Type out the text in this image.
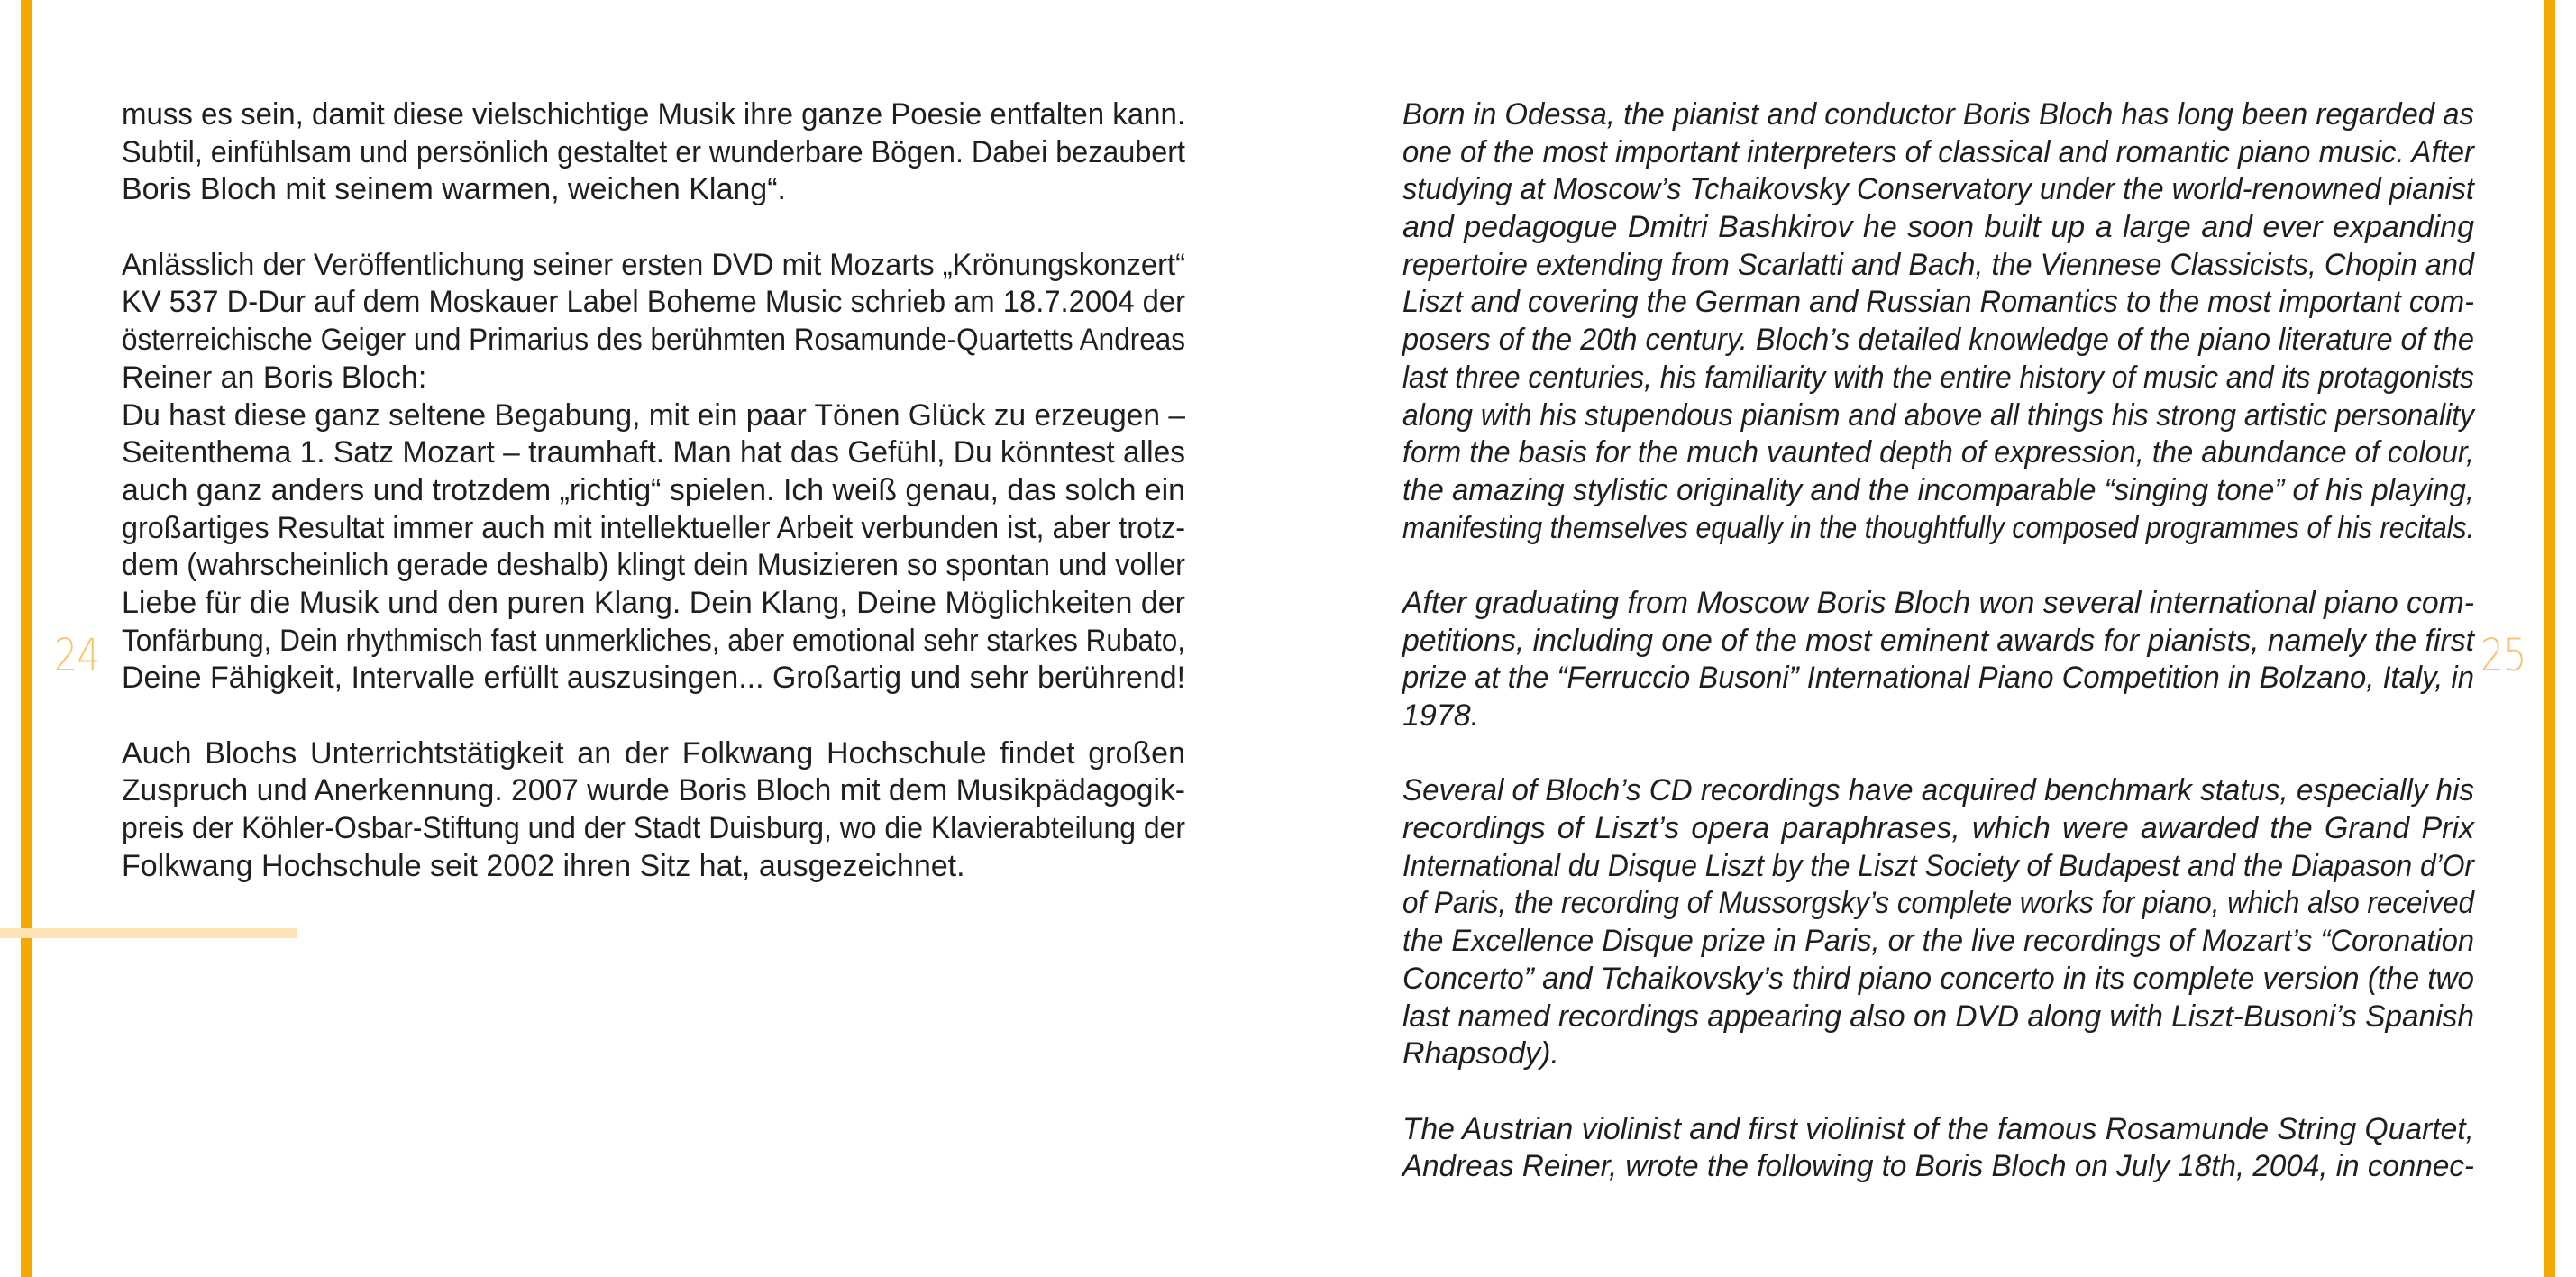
24	25
muss es sein, damit diese vielschichtige Musik ihre ganze Poesie entfalten kann.
Subtil, einfühlsam und persönlich gestaltet er wunderbare Bögen. Dabei bezaubert
Boris Bloch mit seinem warmen, weichen Klang“.
Anlässlich der Veröffentlichung seiner ersten DVD mit Mozarts „Krönungskonzert“
KV 537 D-Dur auf dem Moskauer Label Boheme Music schrieb am 18.7.2004 der
österreichische Geiger und Primarius des berühmten Rosamunde-Quartetts Andreas
Reiner an Boris Bloch:
Du hast diese ganz seltene Begabung, mit ein paar Tönen Glück zu erzeugen –
Seitenthema 1. Satz Mozart – traumhaft. Man hat das Gefühl, Du könntest alles
auch ganz anders und trotzdem „richtig“ spielen. Ich weiß genau, das solch ein
großartiges Resultat immer auch mit intellektueller Arbeit verbunden ist, aber trotz-
dem (wahrscheinlich gerade deshalb) klingt dein Musizieren so spontan und voller
Liebe für die Musik und den puren Klang. Dein Klang, Deine Möglichkeiten der
Tonfärbung, Dein rhythmisch fast unmerkliches, aber emotional sehr starkes Rubato,
Deine Fähigkeit, Intervalle erfüllt auszusingen... Großartig und sehr berührend!
Auch Blochs Unterrichtstätigkeit an der Folkwang Hochschule findet großen
Zuspruch und Anerkennung. 2007 wurde Boris Bloch mit dem Musikpädagogik-
preis der Köhler-Osbar-Stiftung und der Stadt Duisburg, wo die Klavierabteilung der
Folkwang Hochschule seit 2002 ihren Sitz hat, ausgezeichnet.
Born in Odessa, the pianist and conductor Boris Bloch has long been regarded as
one of the most important interpreters of classical and romantic piano music. After
studying at Moscow’s Tchaikovsky Conservatory under the world-renowned pianist
and pedagogue Dmitri Bashkirov he soon built up a large and ever expanding
repertoire extending from Scarlatti and Bach, the Viennese Classicists, Chopin and
Liszt and covering the German and Russian Romantics to the most important com-
posers of the 20th century. Bloch’s detailed knowledge of the piano literature of the
last three centuries, his familiarity with the entire history of music and its protagonists
along with his stupendous pianism and above all things his strong artistic personality
form the basis for the much vaunted depth of expression, the abundance of colour,
the amazing stylistic originality and the incomparable “singing tone” of his playing,
manifesting themselves equally in the thoughtfully composed programmes of his recitals.
After graduating from Moscow Boris Bloch won several international piano com-
petitions, including one of the most eminent awards for pianists, namely the first
prize at the “Ferruccio Busoni” International Piano Competition in Bolzano, Italy, in
1978.
Several of Bloch’s CD recordings have acquired benchmark status, especially his
recordings of Liszt’s opera paraphrases, which were awarded the Grand Prix
International du Disque Liszt by the Liszt Society of Budapest and the Diapason d’Or
of Paris, the recording of Mussorgsky’s complete works for piano, which also received
the Excellence Disque prize in Paris, or the live recordings of Mozart’s “Coronation
Concerto” and Tchaikovsky’s third piano concerto in its complete version (the two
last named recordings appearing also on DVD along with Liszt-Busoni’s Spanish
Rhapsody).
The Austrian violinist and first violinist of the famous Rosamunde String Quartet,
Andreas Reiner, wrote the following to Boris Bloch on July 18th, 2004, in connec-
